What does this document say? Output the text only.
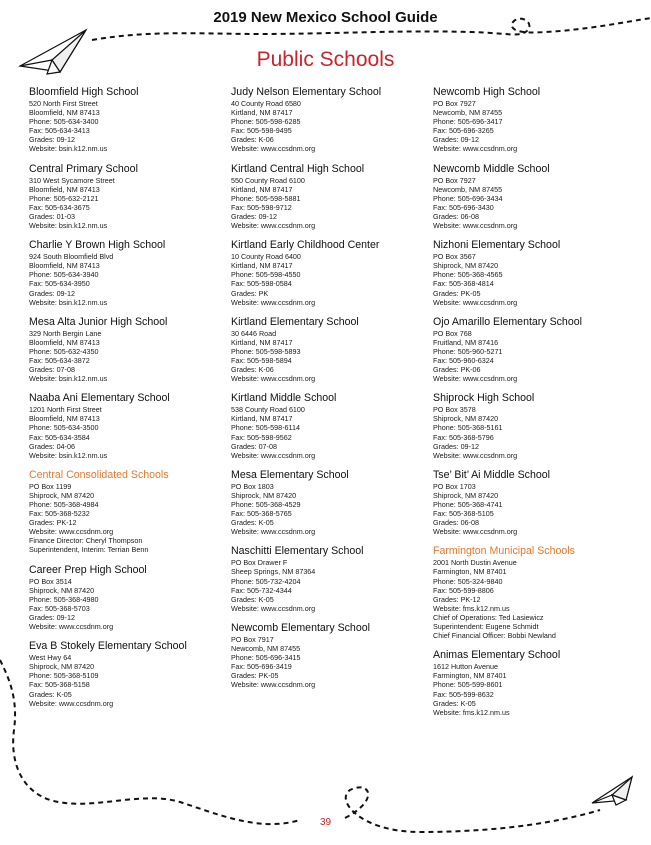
2019 New Mexico School Guide
Public Schools
Bloomfield High School
520 North First Street
Bloomfield, NM 87413
Phone: 505-634-3400
Fax: 505-634-3413
Grades: 09-12
Website: bsin.k12.nm.us
Central Primary School
310 West Sycamore Street
Bloomfield, NM 87413
Phone: 505-632-2121
Fax: 505-634-3675
Grades: 01-03
Website: bsin.k12.nm.us
Charlie Y Brown High School
924 South Bloomfield Blvd
Bloomfield, NM 87413
Phone: 505-634-3940
Fax: 505-634-3950
Grades: 09-12
Website: bsin.k12.nm.us
Mesa Alta Junior High School
329 North Bergin Lane
Bloomfield, NM 87413
Phone: 505-632-4350
Fax: 505-634-3872
Grades: 07-08
Website: bsin.k12.nm.us
Naaba Ani Elementary School
1201 North First Street
Bloomfield, NM 87413
Phone: 505-634-3500
Fax: 505-634-3584
Grades: 04-06
Website: bsin.k12.nm.us
Central Consolidated Schools
PO Box 1199
Shiprock, NM 87420
Phone: 505-368-4984
Fax: 505-368-5232
Grades: PK-12
Website: www.ccsdnm.org
Finance Director: Cheryl Thompson
Superintendent, Interim: Terrian Benn
Career Prep High School
PO Box 3514
Shiprock, NM 87420
Phone: 505-368-4980
Fax: 505-368-5703
Grades: 09-12
Website: www.ccsdnm.org
Eva B Stokely Elementary School
West Hwy 64
Shiprock, NM 87420
Phone: 505-368-5109
Fax: 505-368-5158
Grades: K-05
Website: www.ccsdnm.org
Judy Nelson Elementary School
40 County Road 6580
Kirtland, NM 87417
Phone: 505-598-6285
Fax: 505-598-9495
Grades: K-06
Website: www.ccsdnm.org
Kirtland Central High School
550 County Road 6100
Kirtland, NM 87417
Phone: 505-598-5881
Fax: 505-598-9712
Grades: 09-12
Website: www.ccsdnm.org
Kirtland Early Childhood Center
10 County Road 6400
Kirtland, NM 87417
Phone: 505-598-4550
Fax: 505-598-0584
Grades: PK
Website: www.ccsdnm.org
Kirtland Elementary School
30 6446 Road
Kirtland, NM 87417
Phone: 505-598-5893
Fax: 505-598-5894
Grades: K-06
Website: www.ccsdnm.org
Kirtland Middle School
538 County Road 6100
Kirtland, NM 87417
Phone: 505-598-6114
Fax: 505-598-9562
Grades: 07-08
Website: www.ccsdnm.org
Mesa Elementary School
PO Box 1803
Shiprock, NM 87420
Phone: 505-368-4529
Fax: 505-368-5765
Grades: K-05
Website: www.ccsdnm.org
Naschitti Elementary School
PO Box Drawer F
Sheep Springs, NM 87364
Phone: 505-732-4204
Fax: 505-732-4344
Grades: K-05
Website: www.ccsdnm.org
Newcomb Elementary School
PO Box 7917
Newcomb, NM 87455
Phone: 505-696-3415
Fax: 505-696-3419
Grades: PK-05
Website: www.ccsdnm.org
Newcomb High School
PO Box 7927
Newcomb, NM 87455
Phone: 505-696-3417
Fax: 505-696-3265
Grades: 09-12
Website: www.ccsdnm.org
Newcomb Middle School
PO Box 7927
Newcomb, NM 87455
Phone: 505-696-3434
Fax: 505-696-3430
Grades: 06-08
Website: www.ccsdnm.org
Nizhoni Elementary School
PO Box 3567
Shiprock, NM 87420
Phone: 505-368-4565
Fax: 505-368-4814
Grades: PK-05
Website: www.ccsdnm.org
Ojo Amarillo Elementary School
PO Box 768
Fruitland, NM 87416
Phone: 505-960-5271
Fax: 505-960-6324
Grades: PK-06
Website: www.ccsdnm.org
Shiprock High School
PO Box 3578
Shiprock, NM 87420
Phone: 505-368-5161
Fax: 505-368-5796
Grades: 09-12
Website: www.ccsdnm.org
Tse’ Bit’ Ai Middle School
PO Box 1703
Shiprock, NM 87420
Phone: 505-368-4741
Fax: 505-368-5105
Grades: 06-08
Website: www.ccsdnm.org
Farmington Municipal Schools
2001 North Dustin Avenue
Farmington, NM 87401
Phone: 505-324-9840
Fax: 505-599-8806
Grades: PK-12
Website: fms.k12.nm.us
Chief of Operations: Ted Lasiewicz
Superintendent: Eugene Schmidt
Chief Financial Officer: Bobbi Newland
Animas Elementary School
1612 Hutton Avenue
Farmington, NM 87401
Phone: 505-599-8601
Fax: 505-599-8632
Grades: K-05
Website: fms.k12.nm.us
39
